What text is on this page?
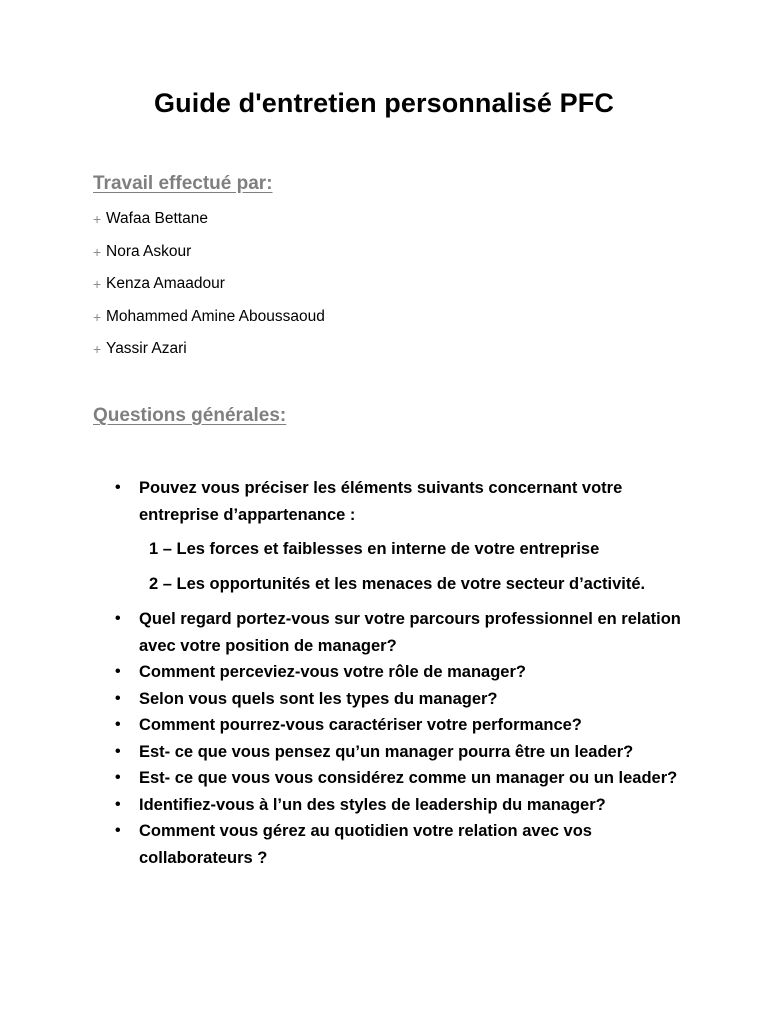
Guide d'entretien personnalisé PFC
Travail effectué par:
+ Wafaa Bettane
+ Nora Askour
+ Kenza Amaadour
+ Mohammed Amine Aboussaoud
+ Yassir Azari
Questions générales:
• Pouvez vous préciser les éléments suivants concernant votre entreprise d’appartenance :
1 – Les forces et faiblesses en interne de votre entreprise
2 – Les opportunités et les menaces de votre secteur d’activité.
• Quel regard portez-vous sur votre parcours professionnel en relation avec votre position de manager?
• Comment perceviez-vous votre rôle de manager?
• Selon vous quels sont les types du manager?
• Comment pourrez-vous caractériser votre performance?
• Est- ce que vous pensez qu’un manager pourra être un leader?
• Est- ce que vous vous considérez comme un manager ou un leader?
• Identifiez-vous à l’un des styles de leadership du manager?
• Comment vous gérez au quotidien votre relation avec vos collaborateurs ?
